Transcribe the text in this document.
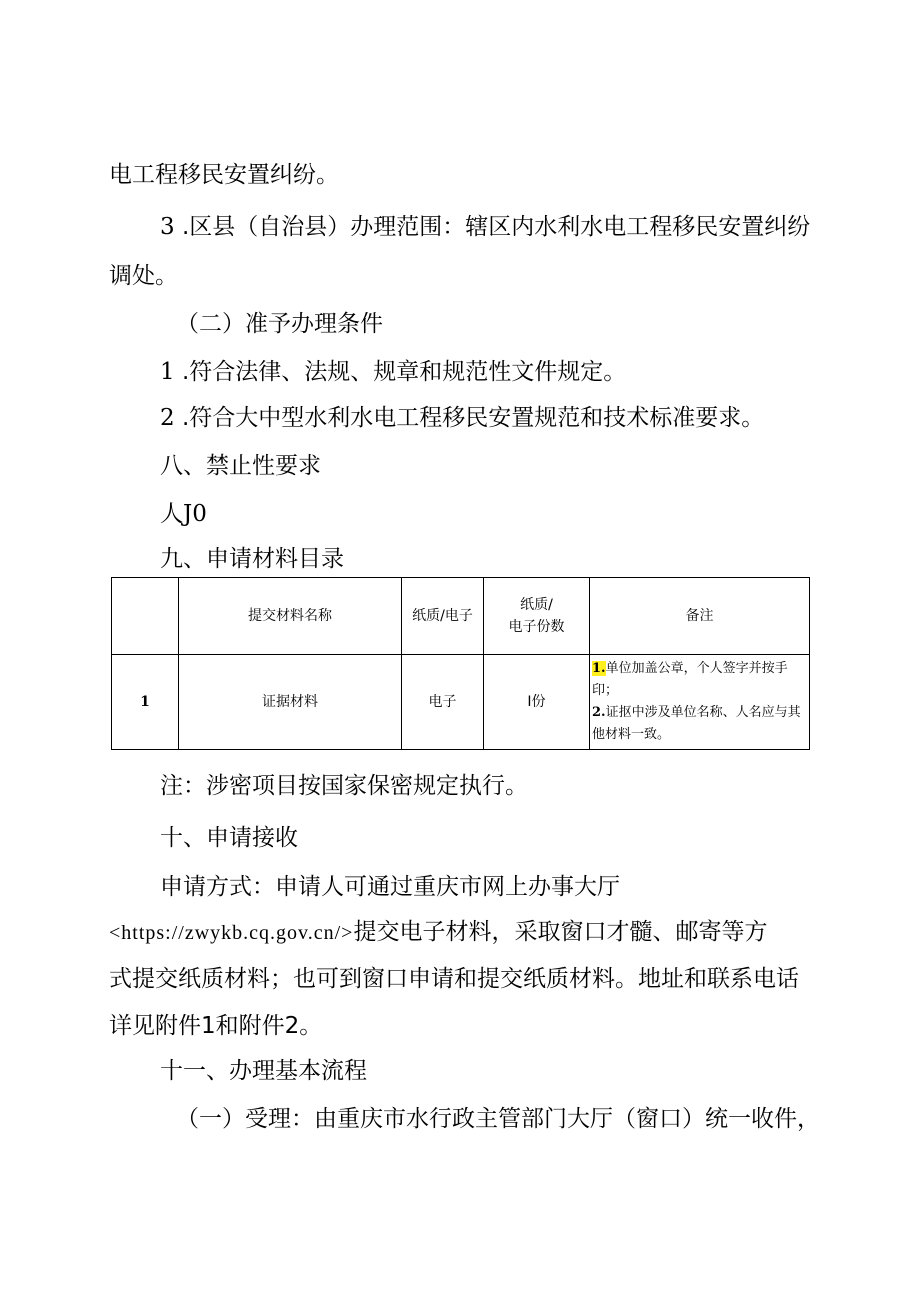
电工程移民安置纠纷。
3 .区县（自治县）办理范围：辖区内水利水电工程移民安置纠纷
调处。
（二）准予办理条件
1 .符合法律、法规、规章和规范性文件规定。
2 .符合大中型水利水电工程移民安置规范和技术标准要求。
八、禁止性要求
人J0
九、申请材料目录
	提交材料名称	纸质/电子	纸质/
电子份数	备注
1	证据材料	电子	I份	1.单位加盖公章，个人签字并按手印；
2.证抠中涉及单位名称、人名应与其他材料一致。
注：涉密项目按国家保密规定执行。
十、申请接收
申请方式：申请人可通过重庆市网上办事大厅
<https://zwykb.cq.gov.cn/>提交电子材料，采取窗口才髓、邮寄等方
式提交纸质材料；也可到窗口申请和提交纸质材料。地址和联系电话
详见附件1和附件2。
十一、办理基本流程
（一）受理：由重庆市水行政主管部门大厅（窗口）统一收件，
